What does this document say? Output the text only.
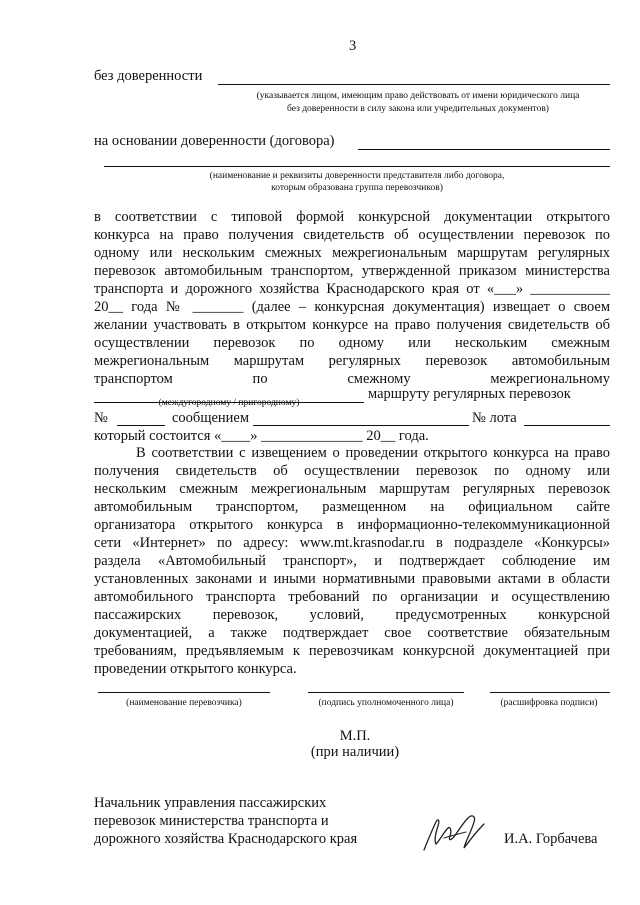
3
без доверенности
(указывается лицом, имеющим право действовать от имени юридического лица
без доверенности в силу закона или учредительных документов)
на основании доверенности (договора)
(наименование и реквизиты доверенности представителя либо договора,
которым образована группа перевозчиков)
в соответствии с типовой формой конкурсной документации открытого
конкурса на право получения свидетельств об осуществлении перевозок по
одному или нескольким смежных межрегиональным маршрутам регулярных
перевозок автомобильным транспортом, утвержденной приказом министерства
транспорта и дорожного хозяйства Краснодарского края от «___» ___________
20__ года № _______ (далее – конкурсная документация) извещает о своем
желании участвовать в открытом конкурсе на право получения свидетельств об
осуществлении перевозок по одному или нескольким смежным
межрегиональным маршрутам регулярных перевозок автомобильным
транспортом по смежному межрегиональному
маршруту регулярных перевозок
(междугородному / пригородному)
№	сообщением	№ лота
который состоится «____» ______________ 20__ года.
В соответствии с извещением о проведении открытого конкурса на право
получения свидетельств об осуществлении перевозок по одному или
нескольким смежным межрегиональным маршрутам регулярных перевозок
автомобильным транспортом, размещенном на официальном сайте
организатора открытого конкурса в информационно-телекоммуникационной
сети «Интернет» по адресу: www.mt.krasnodar.ru в подразделе «Конкурсы»
раздела «Автомобильный транспорт», и подтверждает соблюдение им
установленных законами и иными нормативными правовыми актами в области
автомобильного транспорта требований по организации и осуществлению
пассажирских перевозок, условий, предусмотренных конкурсной
документацией, а также подтверждает свое соответствие обязательным
требованиям, предъявляемым к перевозчикам конкурсной документацией при
проведении открытого конкурса.
(наименование перевозчика)	(подпись уполномоченного лица)	(расшифровка подписи)
М.П.
(при наличии)
Начальник управления пассажирских
перевозок министерства транспорта и
дорожного хозяйства Краснодарского края	И.А. Горбачева
